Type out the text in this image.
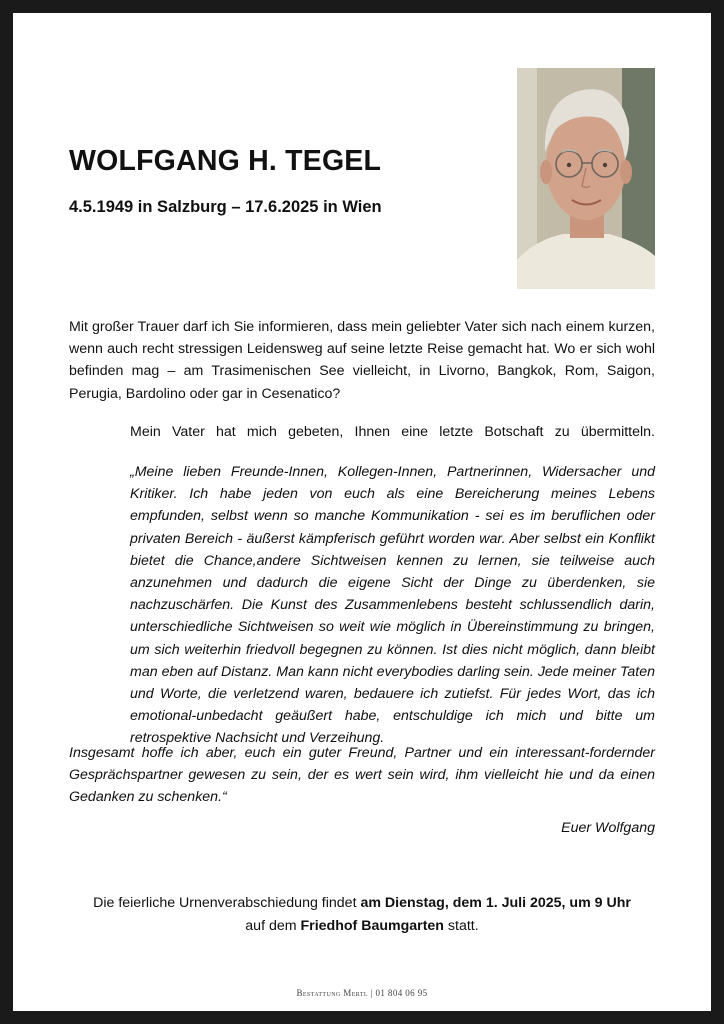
WOLFGANG H. TEGEL
4.5.1949 in Salzburg – 17.6.2025 in Wien

Mit großer Trauer darf ich Sie informieren, dass mein geliebter Vater sich nach einem kurzen, wenn auch recht stressigen Leidensweg auf seine letzte Reise gemacht hat. Wo er sich wohl befinden mag – am Trasimenischen See vielleicht, in Livorno, Bangkok, Rom, Saigon, Perugia, Bardolino oder gar in Cesenatico?

Mein Vater hat mich gebeten, Ihnen eine letzte Botschaft zu übermitteln.

„Meine lieben Freunde-Innen, Kollegen-Innen, Partnerinnen, Widersacher und Kritiker. Ich habe jeden von euch als eine Bereicherung meines Lebens empfunden, selbst wenn so manche Kommunikation - sei es im beruflichen oder privaten Bereich - äußerst kämpferisch geführt worden war. Aber selbst ein Konflikt bietet die Chance,andere Sichtweisen kennen zu lernen, sie teilweise auch anzunehmen und dadurch die eigene Sicht der Dinge zu überdenken, sie nachzuschärfen. Die Kunst des Zusammenlebens besteht schlussendlich darin, unterschiedliche Sichtweisen so weit wie möglich in Übereinstimmung zu bringen, um sich weiterhin friedvoll begegnen zu können. Ist dies nicht möglich, dann bleibt man eben auf Distanz. Man kann nicht everybodies darling sein. Jede meiner Taten und Worte, die verletzend waren, bedauere ich zutiefst. Für jedes Wort, das ich emotional-unbedacht geäußert habe, entschuldige ich mich und bitte um retrospektive Nachsicht und Verzeihung.

Insgesamt hoffe ich aber, euch ein guter Freund, Partner und ein interessant-fordernder Gesprächspartner gewesen zu sein, der es wert sein wird, ihm vielleicht hie und da einen Gedanken zu schenken.“

Euer Wolfgang
Die feierliche Urnenverabschiedung findet am Dienstag, dem 1. Juli 2025, um 9 Uhr
auf dem Friedhof Baumgarten statt.
Bestattung Mertl | 01 804 06 95
